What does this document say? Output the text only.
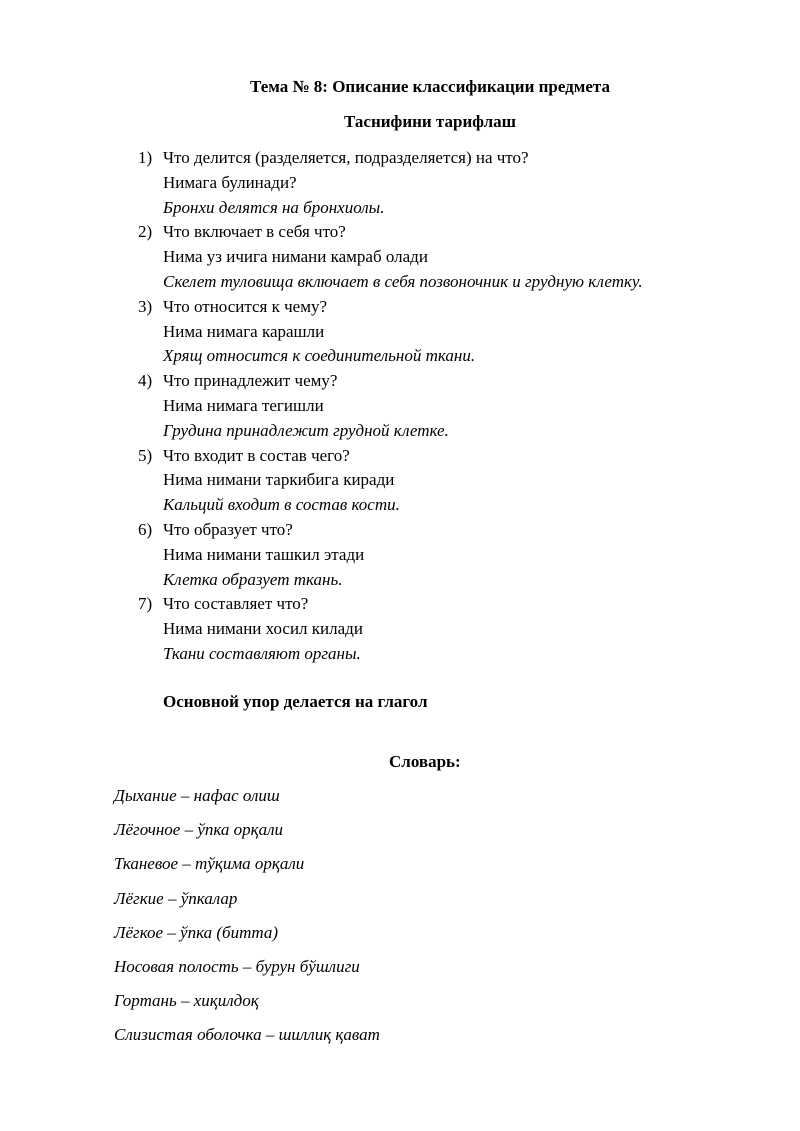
Тема № 8: Описание классификации предмета
Таснифини тарифлаш
1) Что делится (разделяется, подразделяется) на что?
Нимага булинади?
Бронхи делятся на бронхиолы.
2) Что включает в себя что?
Нима уз ичига нимани камраб олади
Скелет туловища включает в себя позвоночник и грудную клетку.
3) Что относится к чему?
Нима нимага карашли
Хрящ относится к соединительной ткани.
4) Что принадлежит чему?
Нима нимага тегишли
Грудина принадлежит грудной клетке.
5) Что входит в состав чего?
Нима нимани таркибига киради
Кальций входит в состав кости.
6) Что образует что?
Нима нимани ташкил этади
Клетка образует ткань.
7) Что составляет что?
Нима нимани хосил килади
Ткани составляют органы.
Основной упор делается на глагол
Словарь:
Дыхание – нафас олиш
Лёгочное – ўпка орқали
Тканевое – тўқима орқали
Лёгкие – ўпкалар
Лёгкое – ўпка (битта)
Носовая полость – бурун бўшлиги
Гортань – хиқилдоқ
Слизистая оболочка – шиллиқ қават
